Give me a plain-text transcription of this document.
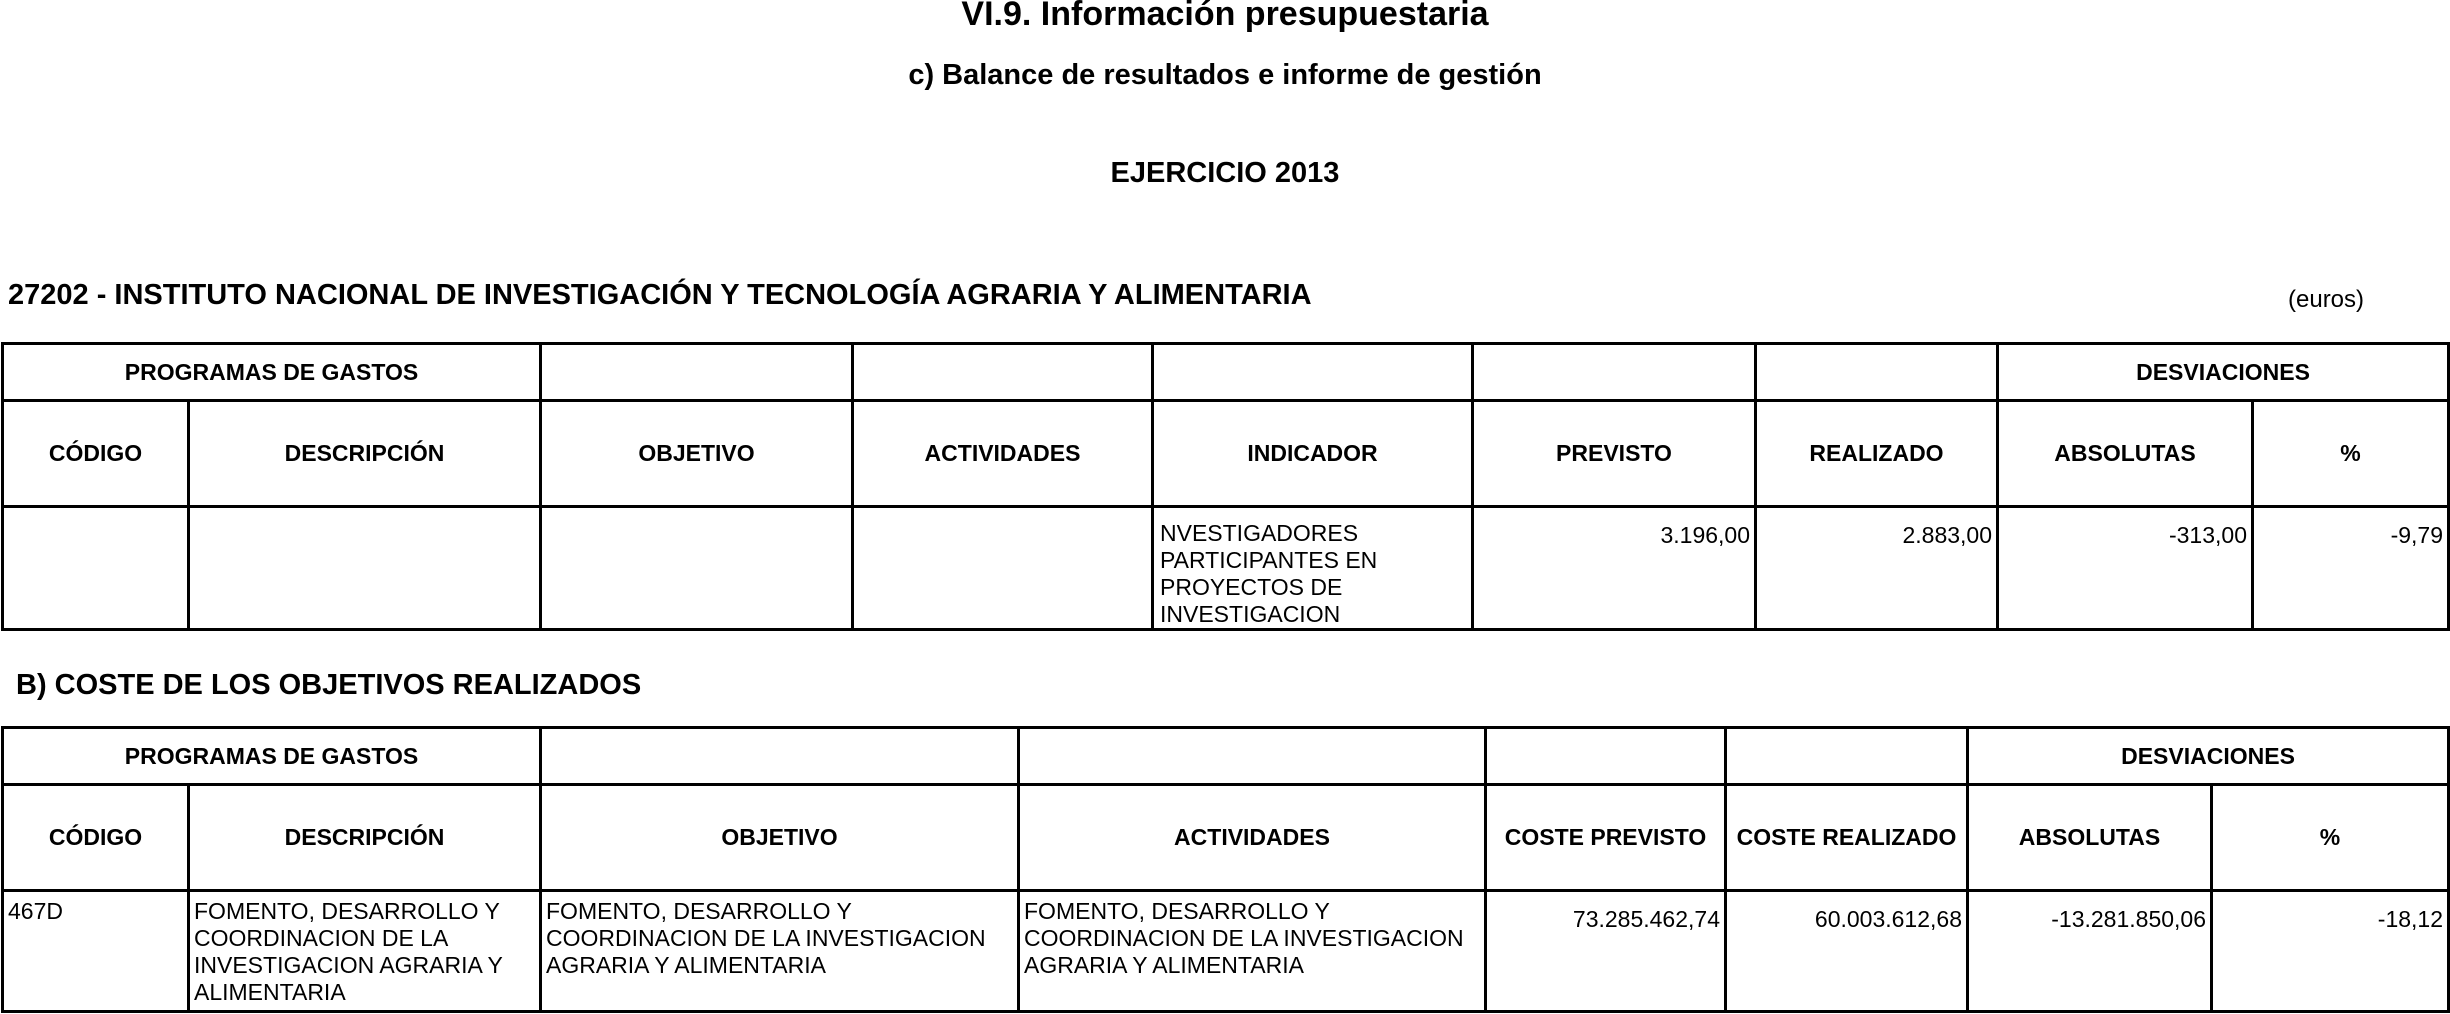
VI.9. Información presupuestaria
c) Balance de resultados e informe de gestión
EJERCICIO 2013
27202 - INSTITUTO NACIONAL DE INVESTIGACIÓN Y TECNOLOGÍA AGRARIA Y ALIMENTARIA	(euros)
PROGRAMAS DE GASTOS							DESVIACIONES	
CÓDIGO	DESCRIPCIÓN	OBJETIVO	ACTIVIDADES	INDICADOR	PREVISTO	REALIZADO	ABSOLUTAS	%
				NVESTIGADORES PARTICIPANTES EN PROYECTOS DE INVESTIGACION	3.196,00	2.883,00	-313,00	-9,79
B) COSTE DE LOS OBJETIVOS REALIZADOS
PROGRAMAS DE GASTOS						DESVIACIONES	
CÓDIGO	DESCRIPCIÓN	OBJETIVO	ACTIVIDADES	COSTE PREVISTO	COSTE REALIZADO	ABSOLUTAS	%
467D	FOMENTO, DESARROLLO Y COORDINACION DE LA INVESTIGACION AGRARIA Y ALIMENTARIA	FOMENTO, DESARROLLO Y COORDINACION DE LA INVESTIGACION AGRARIA Y ALIMENTARIA	FOMENTO, DESARROLLO Y COORDINACION DE LA INVESTIGACION AGRARIA Y ALIMENTARIA	73.285.462,74	60.003.612,68	-13.281.850,06	-18,12
